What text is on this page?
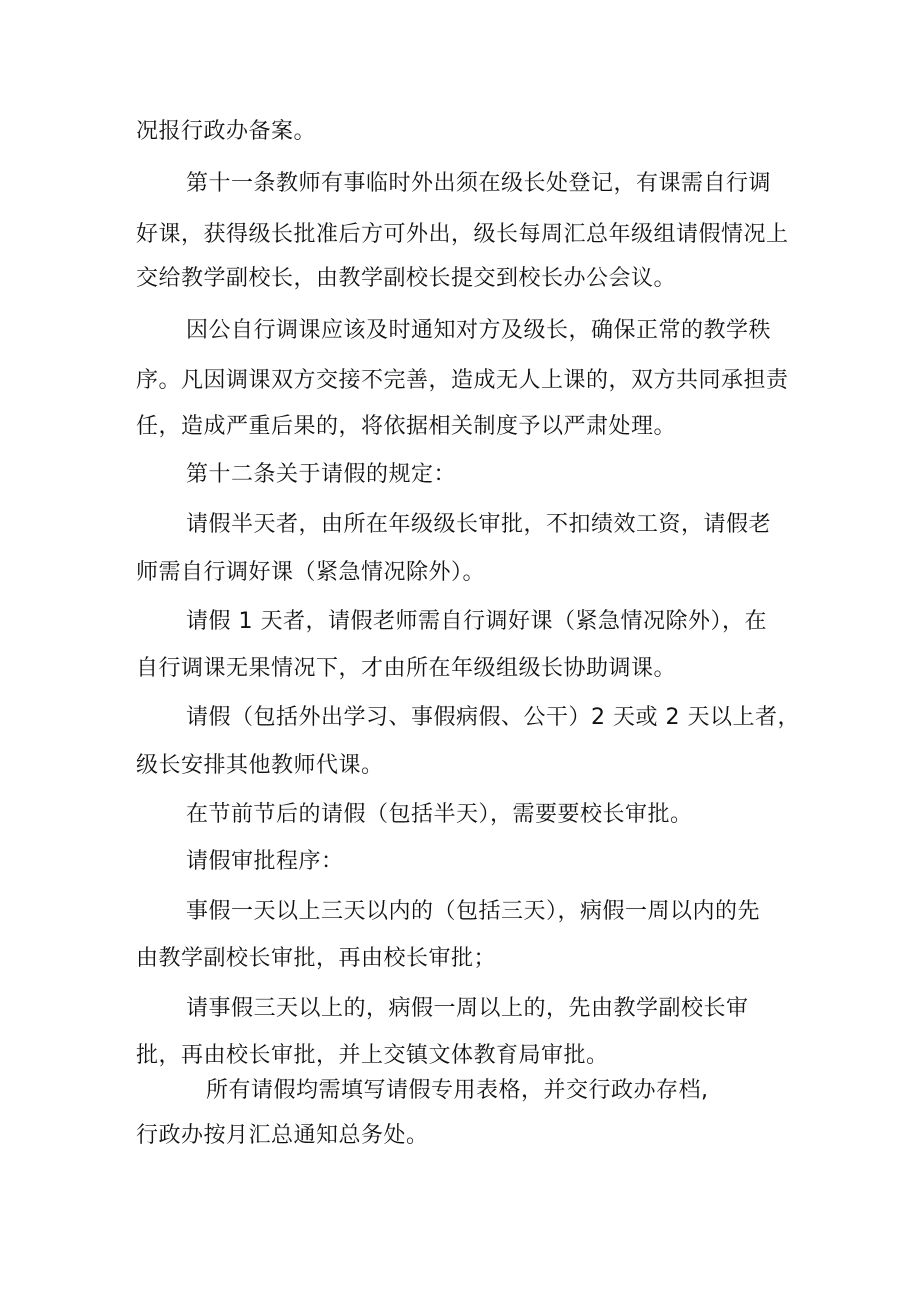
况报行政办备案。
第十一条教师有事临时外出须在级长处登记，有课需自行调
好课，获得级长批准后方可外出，级长每周汇总年级组请假情况上
交给教学副校长，由教学副校长提交到校长办公会议。
因公自行调课应该及时通知对方及级长，确保正常的教学秩
序。凡因调课双方交接不完善，造成无人上课的，双方共同承担责
任，造成严重后果的，将依据相关制度予以严肃处理。
第十二条关于请假的规定：
请假半天者，由所在年级级长审批，不扣绩效工资，请假老
师需自行调好课（紧急情况除外）。
请假 1 天者，请假老师需自行调好课（紧急情况除外），在
自行调课无果情况下，才由所在年级组级长协助调课。
请假（包括外出学习、事假病假、公干）2 天或 2 天以上者，
级长安排其他教师代课。
在节前节后的请假（包括半天），需要要校长审批。
请假审批程序：
事假一天以上三天以内的（包括三天），病假一周以内的先
由教学副校长审批，再由校长审批；
请事假三天以上的，病假一周以上的，先由教学副校长审
批，再由校长审批，并上交镇文体教育局审批。
所有请假均需填写请假专用表格，并交行政办存档,
行政办按月汇总通知总务处。
